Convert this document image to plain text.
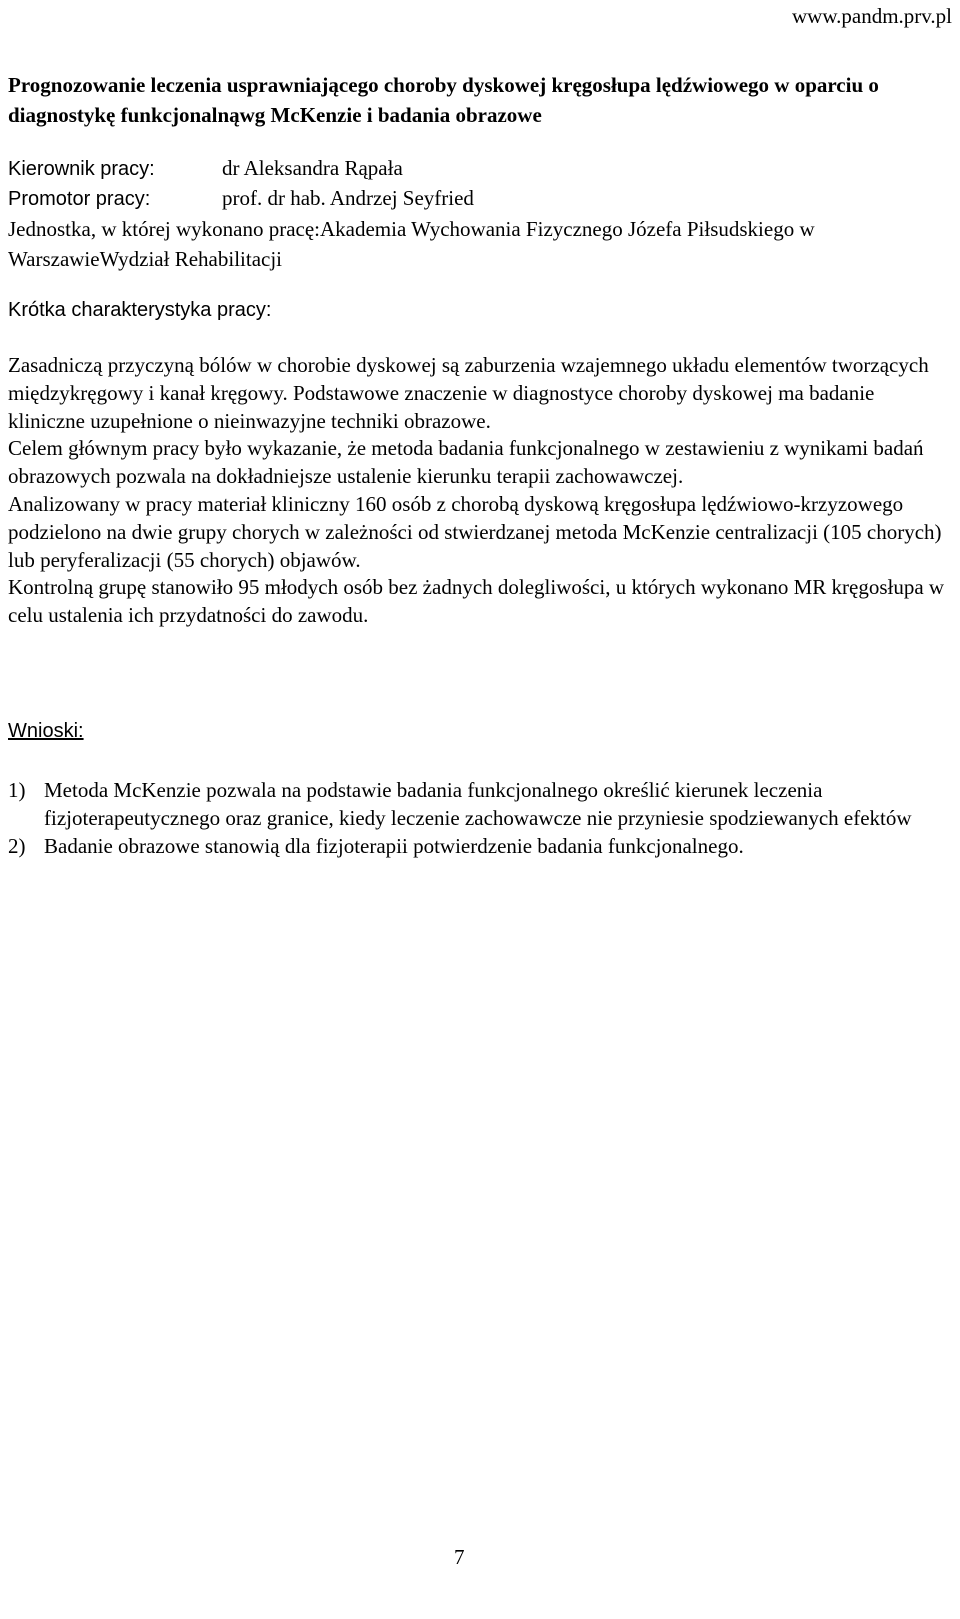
www.pandm.prv.pl
Prognozowanie leczenia usprawniającego choroby dyskowej kręgosłupa lędźwiowego w oparciu o diagnostykę funkcjonalnąwg McKenzie i badania obrazowe
Kierownik pracy:	dr Aleksandra Rąpała
Promotor pracy:	prof. dr hab. Andrzej Seyfried
Jednostka, w której wykonano pracę:Akademia Wychowania Fizycznego Józefa Piłsudskiego w WarszawieWydział Rehabilitacji
Krótka charakterystyka pracy:

Zasadniczą przyczyną bólów w chorobie dyskowej są zaburzenia wzajemnego układu elementów tworzących międzykręgowy i kanał kręgowy. Podstawowe znaczenie w diagnostyce choroby dyskowej ma badanie kliniczne uzupełnione o nieinwazyjne techniki obrazowe.

Celem głównym pracy było wykazanie, że metoda badania funkcjonalnego w zestawieniu z wynikami badań obrazowych pozwala na dokładniejsze ustalenie kierunku terapii zachowawczej.

Analizowany w pracy materiał kliniczny 160 osób z chorobą dyskową kręgosłupa lędźwiowo-krzyzowego podzielono na dwie grupy chorych w zależności od stwierdzanej metoda McKenzie centralizacji (105 chorych) lub peryferalizacji (55 chorych) objawów.

Kontrolną grupę stanowiło 95 młodych osób bez żadnych dolegliwości, u których wykonano MR kręgosłupa w celu ustalenia ich przydatności do zawodu.

Wnioski:
1) Metoda McKenzie pozwala na podstawie badania funkcjonalnego określić kierunek leczenia fizjoterapeutycznego oraz granice, kiedy leczenie zachowawcze nie przyniesie spodziewanych efektów
2) Badanie obrazowe stanowią dla fizjoterapii potwierdzenie badania funkcjonalnego.
7
